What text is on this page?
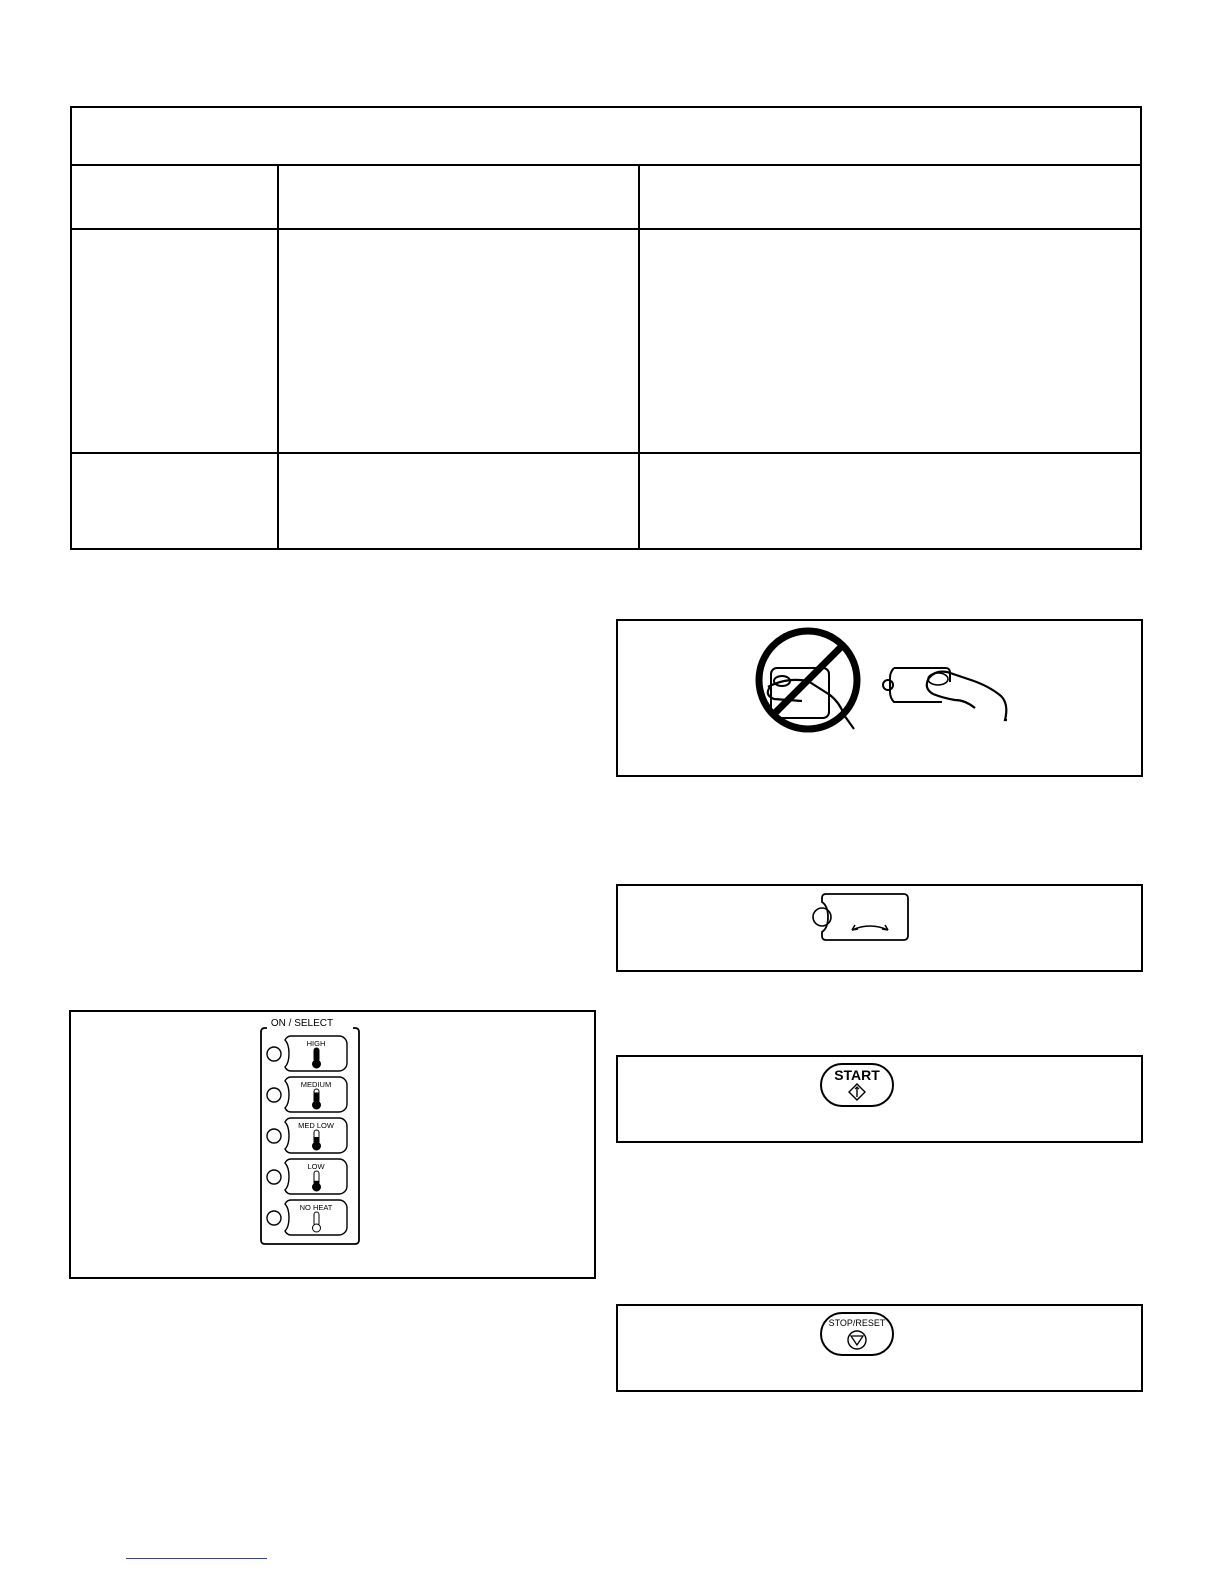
HIGH
MEDIUM
MED LOW
LOW
NO HEAT
ON / SELECT
START
STOP/RESET
